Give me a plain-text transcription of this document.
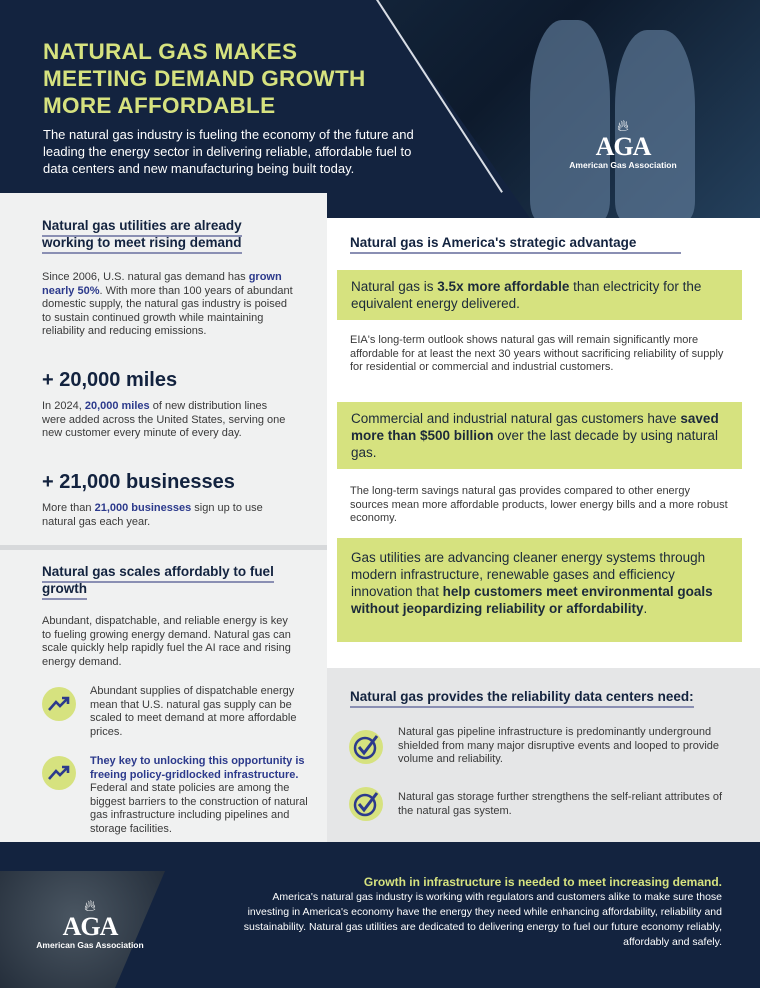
NATURAL GAS MAKES MEETING DEMAND GROWTH MORE AFFORDABLE
The natural gas industry is fueling the economy of the future and leading the energy sector in delivering reliable, affordable fuel to data centers and new manufacturing being built today.
🔥︎
AGA
American Gas Association
Natural gas utilities are already working to meet rising demand

Since 2006, U.S. natural gas demand has grown nearly 50%. With more than 100 years of abundant domestic supply, the natural gas industry is poised to sustain continued growth while maintaining reliability and reducing emissions.

+ 20,000 miles

In 2024, 20,000 miles of new distribution lines were added across the United States, serving one new customer every minute of every day.

+ 21,000 businesses

More than 21,000 businesses sign up to use natural gas each year.

Natural gas scales affordably to fuel growth

Abundant, dispatchable, and reliable energy is key to fueling growing energy demand. Natural gas can scale quickly help rapidly fuel the AI race and rising energy demand.

Abundant supplies of dispatchable energy mean that U.S. natural gas supply can be scaled to meet demand at more affordable prices.

They key to unlocking this opportunity is freeing policy-gridlocked infrastructure. Federal and state policies are among the biggest barriers to the construction of natural gas infrastructure including pipelines and storage facilities.

Natural gas is America's strategic advantage
Natural gas is 3.5x more affordable than electricity for the equivalent energy delivered.

EIA's long-term outlook shows natural gas will remain significantly more affordable for at least the next 30 years without sacrificing reliability of supply for residential or commercial and industrial customers.

Commercial and industrial natural gas customers have saved more than $500 billion over the last decade by using natural gas.

The long-term savings natural gas provides compared to other energy sources mean more affordable products, lower energy bills and a more robust economy.

Gas utilities are advancing cleaner energy systems through modern infrastructure, renewable gases and efficiency innovation that help customers meet environmental goals without jeopardizing reliability or affordability.
Natural gas provides the reliability data centers need:

Natural gas pipeline infrastructure is predominantly underground shielded from many major disruptive events and looped to provide volume and reliability.

Natural gas storage further strengthens the self-reliant attributes of the natural gas system.

🔥︎
AGA
American Gas Association
Growth in infrastructure is needed to meet increasing demand.
America's natural gas industry is working with regulators and customers alike to make sure those investing in America's economy have the energy they need while enhancing affordability, reliability and sustainability. Natural gas utilities are dedicated to delivering energy to fuel our future economy reliably, affordably and safely.
